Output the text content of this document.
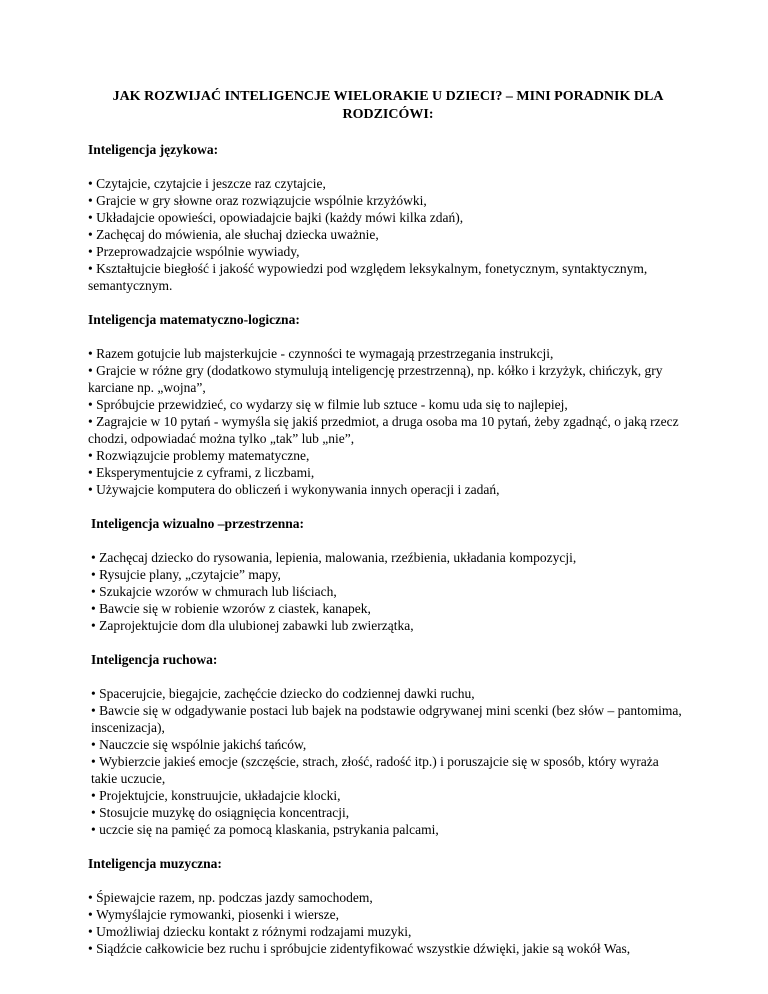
JAK ROZWIJAĆ INTELIGENCJE WIELORAKIE U DZIECI? – MINI PORADNIK DLA RODZICÓWI:
Inteligencja językowa:
• Czytajcie, czytajcie i jeszcze raz czytajcie,
• Grajcie w gry słowne oraz rozwiązujcie wspólnie krzyżówki,
• Układajcie opowieści, opowiadajcie bajki (każdy mówi kilka zdań),
• Zachęcaj do mówienia, ale słuchaj dziecka uważnie,
• Przeprowadzajcie wspólnie wywiady,
• Kształtujcie biegłość i jakość wypowiedzi pod względem leksykalnym, fonetycznym, syntaktycznym, semantycznym.
Inteligencja matematyczno-logiczna:
• Razem gotujcie lub majsterkujcie - czynności te wymagają przestrzegania instrukcji,
• Grajcie w różne gry (dodatkowo stymulują inteligencję przestrzenną), np. kółko i krzyżyk, chińczyk, gry karciane np. „wojna”,
• Spróbujcie przewidzieć, co wydarzy się w filmie lub sztuce - komu uda się to najlepiej,
• Zagrajcie w 10 pytań - wymyśla się jakiś przedmiot, a druga osoba ma 10 pytań, żeby zgadnąć, o jaką rzecz chodzi, odpowiadać można tylko „tak” lub „nie”,
• Rozwiązujcie problemy matematyczne,
• Eksperymentujcie z cyframi, z liczbami,
• Używajcie komputera do obliczeń i wykonywania innych operacji i zadań,
Inteligencja wizualno –przestrzenna:
• Zachęcaj dziecko do rysowania, lepienia, malowania, rzeźbienia, układania kompozycji,
• Rysujcie plany, „czytajcie” mapy,
• Szukajcie wzorów w chmurach lub liściach,
• Bawcie się w robienie wzorów z ciastek, kanapek,
• Zaprojektujcie dom dla ulubionej zabawki lub zwierzątka,
Inteligencja ruchowa:
• Spacerujcie, biegajcie, zachęćcie dziecko do codziennej dawki ruchu,
• Bawcie się w odgadywanie postaci lub bajek na podstawie odgrywanej mini scenki (bez słów – pantomima, inscenizacja),
• Nauczcie się wspólnie jakichś tańców,
• Wybierzcie jakieś emocje (szczęście, strach, złość, radość itp.) i poruszajcie się w sposób, który wyraża takie uczucie,
• Projektujcie, konstruujcie, układajcie klocki,
• Stosujcie muzykę do osiągnięcia koncentracji,
• uczcie się na pamięć za pomocą klaskania, pstrykania palcami,
Inteligencja muzyczna:
• Śpiewajcie razem, np. podczas jazdy samochodem,
• Wymyślajcie rymowanki, piosenki i wiersze,
• Umożliwiaj dziecku kontakt z różnymi rodzajami muzyki,
• Siądźcie całkowicie bez ruchu i spróbujcie zidentyfikować wszystkie dźwięki, jakie są wokół Was,
